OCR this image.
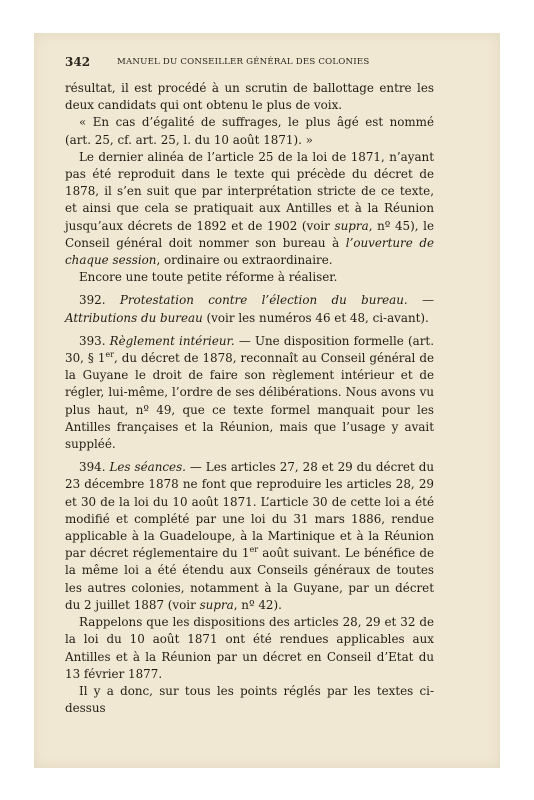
342	MANUEL DU CONSEILLER GÉNÉRAL DES COLONIES

résultat, il est procédé à un scrutin de ballottage entre les deux candidats qui ont obtenu le plus de voix.

« En cas d’égalité de suffrages, le plus âgé est nommé (art. 25, cf. art. 25, l. du 10 août 1871). »

Le dernier alinéa de l’article 25 de la loi de 1871, n’ayant pas été reproduit dans le texte qui précède du décret de 1878, il s’en suit que par interprétation stricte de ce texte, et ainsi que cela se pratiquait aux Antilles et à la Réunion jusqu’aux décrets de 1892 et de 1902 (voir supra, nº 45), le Conseil général doit nommer son bureau à l’ouverture de chaque session, ordinaire ou extraordinaire.

Encore une toute petite réforme à réaliser.

392. Protestation contre l’élection du bureau. — Attributions du bureau (voir les numéros 46 et 48, ci-avant).

393. Règlement intérieur. — Une disposition formelle (art. 30, § 1er, du décret de 1878, reconnaît au Conseil général de la Guyane le droit de faire son règlement intérieur et de régler, lui-même, l’ordre de ses délibérations. Nous avons vu plus haut, nº 49, que ce texte formel manquait pour les Antilles françaises et la Réunion, mais que l’usage y avait suppléé.

394. Les séances. — Les articles 27, 28 et 29 du décret du 23 décembre 1878 ne font que reproduire les articles 28, 29 et 30 de la loi du 10 août 1871. L’article 30 de cette loi a été modifié et complété par une loi du 31 mars 1886, rendue applicable à la Guadeloupe, à la Martinique et à la Réunion par décret réglementaire du 1er août suivant. Le bénéfice de la même loi a été étendu aux Conseils généraux de toutes les autres colonies, notamment à la Guyane, par un décret du 2 juillet 1887 (voir supra, nº 42).

Rappelons que les dispositions des articles 28, 29 et 32 de la loi du 10 août 1871 ont été rendues applicables aux Antilles et à la Réunion par un décret en Conseil d’Etat du 13 février 1877.

Il y a donc, sur tous les points réglés par les textes ci-dessus
